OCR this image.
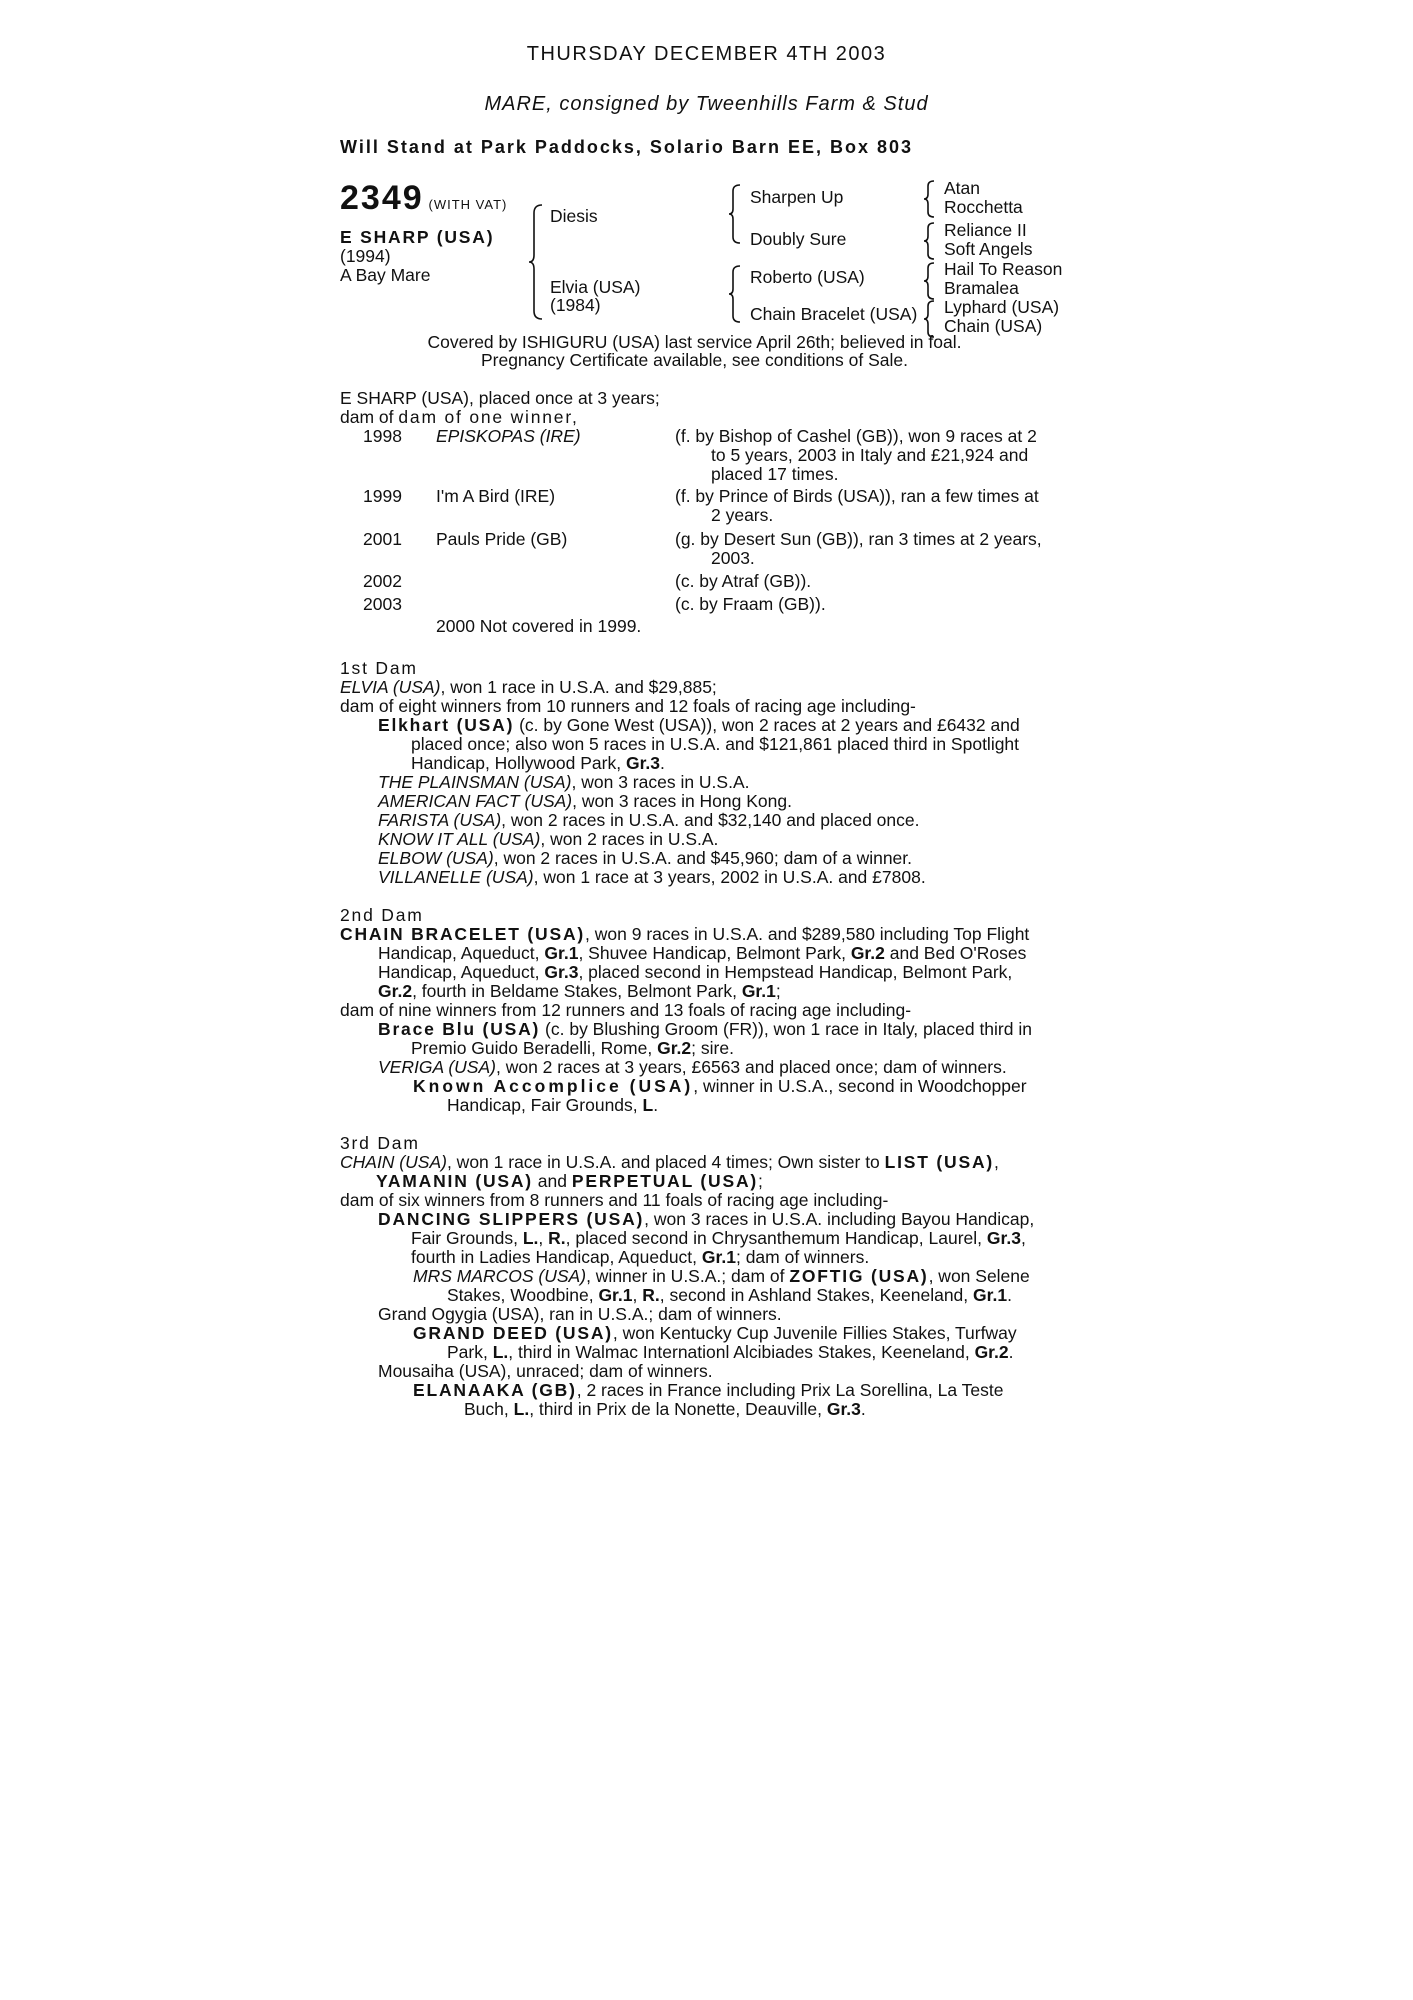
THURSDAY DECEMBER 4TH 2003
MARE, consigned by Tweenhills Farm & Stud
Will Stand at Park Paddocks, Solario Barn EE, Box 803
2349 (WITH VAT)
E SHARP (USA)
(1994)
A Bay Mare
Diesis
Elvia (USA)
(1984)
Sharpen Up
Doubly Sure
Roberto (USA)
Chain Bracelet (USA)
Atan
Rocchetta
Reliance II
Soft Angels
Hail To Reason
Bramalea
Lyphard (USA)
Chain (USA)
Covered by ISHIGURU (USA) last service April 26th; believed in foal.
Pregnancy Certificate available, see conditions of Sale.
E SHARP (USA), placed once at 3 years;
dam of dam of one winner,
1998 EPISKOPAS (IRE)	(f. by Bishop of Cashel (GB)), won 9 races at 2
to 5 years, 2003 in Italy and £21,924 and
placed 17 times.
1999 I'm A Bird (IRE)	(f. by Prince of Birds (USA)), ran a few times at
2 years.
2001 Pauls Pride (GB)	(g. by Desert Sun (GB)), ran 3 times at 2 years,
2003.
2002	(c. by Atraf (GB)).
2003	(c. by Fraam (GB)).
2000 Not covered in 1999.
1st Dam
ELVIA (USA), won 1 race in U.S.A. and $29,885;
dam of eight winners from 10 runners and 12 foals of racing age including-
Elkhart (USA) (c. by Gone West (USA)), won 2 races at 2 years and £6432 and
placed once; also won 5 races in U.S.A. and $121,861 placed third in Spotlight
Handicap, Hollywood Park, Gr.3.
THE PLAINSMAN (USA), won 3 races in U.S.A.
AMERICAN FACT (USA), won 3 races in Hong Kong.
FARISTA (USA), won 2 races in U.S.A. and $32,140 and placed once.
KNOW IT ALL (USA), won 2 races in U.S.A.
ELBOW (USA), won 2 races in U.S.A. and $45,960; dam of a winner.
VILLANELLE (USA), won 1 race at 3 years, 2002 in U.S.A. and £7808.
2nd Dam
CHAIN BRACELET (USA), won 9 races in U.S.A. and $289,580 including Top Flight
Handicap, Aqueduct, Gr.1, Shuvee Handicap, Belmont Park, Gr.2 and Bed O'Roses
Handicap, Aqueduct, Gr.3, placed second in Hempstead Handicap, Belmont Park,
Gr.2, fourth in Beldame Stakes, Belmont Park, Gr.1;
dam of nine winners from 12 runners and 13 foals of racing age including-
Brace Blu (USA) (c. by Blushing Groom (FR)), won 1 race in Italy, placed third in
Premio Guido Beradelli, Rome, Gr.2; sire.
VERIGA (USA), won 2 races at 3 years, £6563 and placed once; dam of winners.
Known Accomplice (USA), winner in U.S.A., second in Woodchopper
Handicap, Fair Grounds, L.
3rd Dam
CHAIN (USA), won 1 race in U.S.A. and placed 4 times; Own sister to LIST (USA),
YAMANIN (USA) and PERPETUAL (USA);
dam of six winners from 8 runners and 11 foals of racing age including-
DANCING SLIPPERS (USA), won 3 races in U.S.A. including Bayou Handicap,
Fair Grounds, L., R., placed second in Chrysanthemum Handicap, Laurel, Gr.3,
fourth in Ladies Handicap, Aqueduct, Gr.1; dam of winners.
MRS MARCOS (USA), winner in U.S.A.; dam of ZOFTIG (USA), won Selene
Stakes, Woodbine, Gr.1, R., second in Ashland Stakes, Keeneland, Gr.1.
Grand Ogygia (USA), ran in U.S.A.; dam of winners.
GRAND DEED (USA), won Kentucky Cup Juvenile Fillies Stakes, Turfway
Park, L., third in Walmac Internationl Alcibiades Stakes, Keeneland, Gr.2.
Mousaiha (USA), unraced; dam of winners.
ELANAAKA (GB), 2 races in France including Prix La Sorellina, La Teste
Buch, L., third in Prix de la Nonette, Deauville, Gr.3.
